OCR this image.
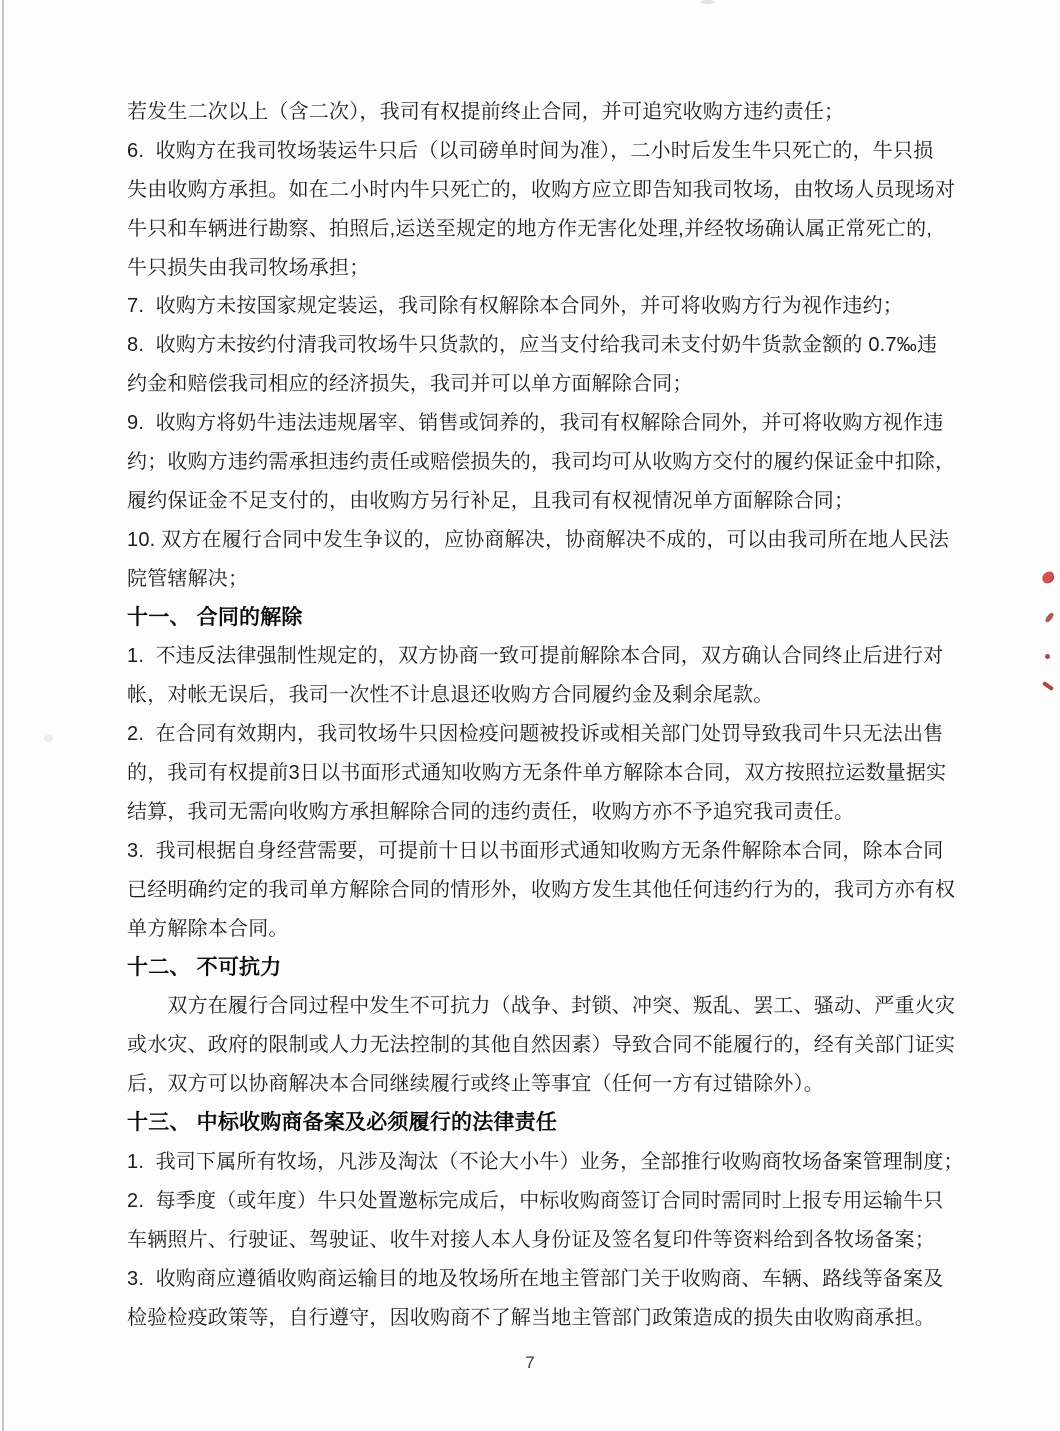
若发生二次以上（含二次），我司有权提前终止合同，并可追究收购方违约责任；
6.  收购方在我司牧场装运牛只后（以司磅单时间为准），二小时后发生牛只死亡的，牛只损
失由收购方承担。如在二小时内牛只死亡的，收购方应立即告知我司牧场，由牧场人员现场对
牛只和车辆进行勘察、拍照后,运送至规定的地方作无害化处理,并经牧场确认属正常死亡的,
牛只损失由我司牧场承担；
7.  收购方未按国家规定装运，我司除有权解除本合同外，并可将收购方行为视作违约；
8.  收购方未按约付清我司牧场牛只货款的，应当支付给我司未支付奶牛货款金额的 0.7‰违
约金和赔偿我司相应的经济损失，我司并可以单方面解除合同；
9.  收购方将奶牛违法违规屠宰、销售或饲养的，我司有权解除合同外，并可将收购方视作违
约；收购方违约需承担违约责任或赔偿损失的，我司均可从收购方交付的履约保证金中扣除，
履约保证金不足支付的，由收购方另行补足，且我司有权视情况单方面解除合同；
10. 双方在履行合同中发生争议的，应协商解决，协商解决不成的，可以由我司所在地人民法
院管辖解决；
十一、 合同的解除
1.  不违反法律强制性规定的，双方协商一致可提前解除本合同，双方确认合同终止后进行对
帐，对帐无误后，我司一次性不计息退还收购方合同履约金及剩余尾款。
2.  在合同有效期内，我司牧场牛只因检疫问题被投诉或相关部门处罚导致我司牛只无法出售
的，我司有权提前3日以书面形式通知收购方无条件单方解除本合同，双方按照拉运数量据实
结算，我司无需向收购方承担解除合同的违约责任，收购方亦不予追究我司责任。
3.  我司根据自身经营需要，可提前十日以书面形式通知收购方无条件解除本合同，除本合同
已经明确约定的我司单方解除合同的情形外，收购方发生其他任何违约行为的，我司方亦有权
单方解除本合同。
十二、 不可抗力
　　双方在履行合同过程中发生不可抗力（战争、封锁、冲突、叛乱、罢工、骚动、严重火灾
或水灾、政府的限制或人力无法控制的其他自然因素）导致合同不能履行的，经有关部门证实
后，双方可以协商解决本合同继续履行或终止等事宜（任何一方有过错除外）。
十三、 中标收购商备案及必须履行的法律责任
1.  我司下属所有牧场，凡涉及淘汰（不论大小牛）业务，全部推行收购商牧场备案管理制度；
2.  每季度（或年度）牛只处置邀标完成后，中标收购商签订合同时需同时上报专用运输牛只
车辆照片、行驶证、驾驶证、收牛对接人本人身份证及签名复印件等资料给到各牧场备案；
3.  收购商应遵循收购商运输目的地及牧场所在地主管部门关于收购商、车辆、路线等备案及
检验检疫政策等，自行遵守，因收购商不了解当地主管部门政策造成的损失由收购商承担。
7
